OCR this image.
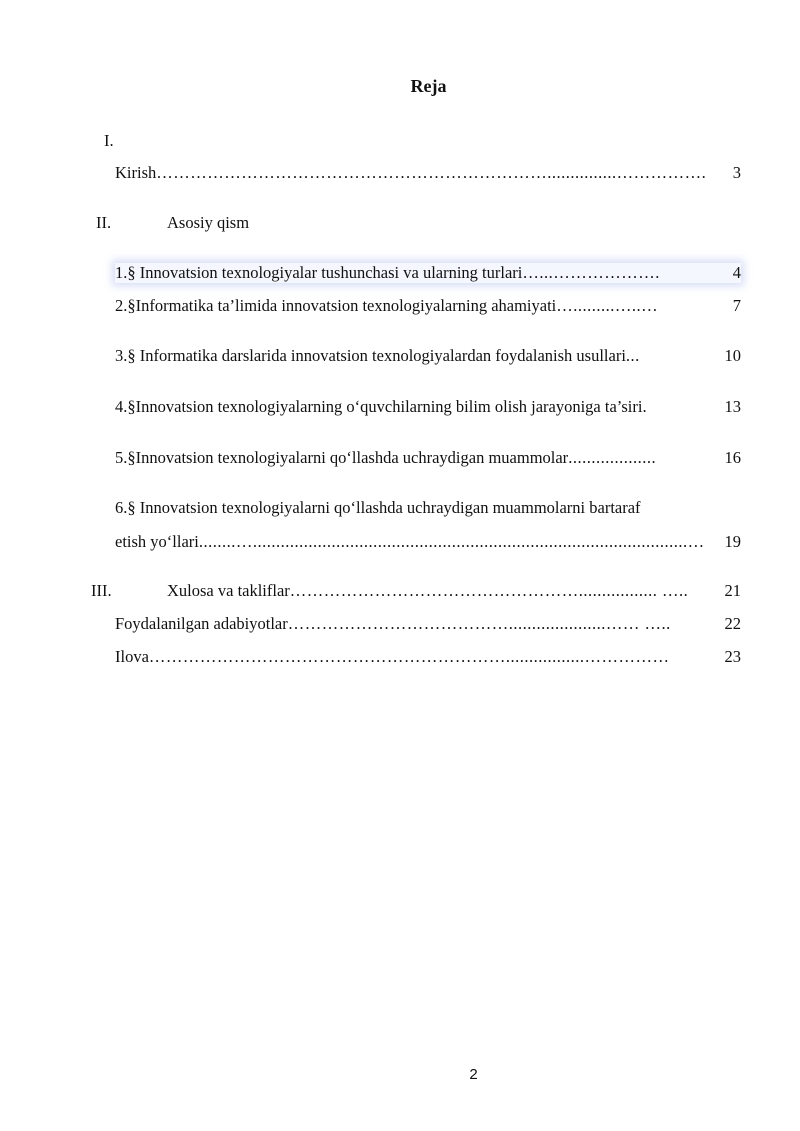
Reja
I.
Kirish ……………………………………………………………...............…………….	3
II.	Asosiy qism
1.§ Innovatsion texnologiyalar tushunchasi va ularning turlari …...……………….	4
2.§Informatika ta’limida innovatsion texnologiyalarning ahamiyati ….........…..…	7
3.§ Informatika darslarida innovatsion texnologiyalardan foydalanish usullari ...	10
4.§Innovatsion texnologiyalarning o‘quvchilarning bilim olish jarayoniga ta’siri.	13
5.§Innovatsion texnologiyalarni qo‘llashda uchraydigan muammolar ...................	16
6.§ Innovatsion texnologiyalarni qo‘llashda uchraydigan muammolarni bartaraf
etish yo‘llari ........…..............................................................................................…	19
III.	Xulosa va takliflar ……………………………………………................. …..	21
Foydalanilgan adabiyotlar ………………………………….....................…… …..	22
Ilova ……………………………………………………….................……………	23
2
